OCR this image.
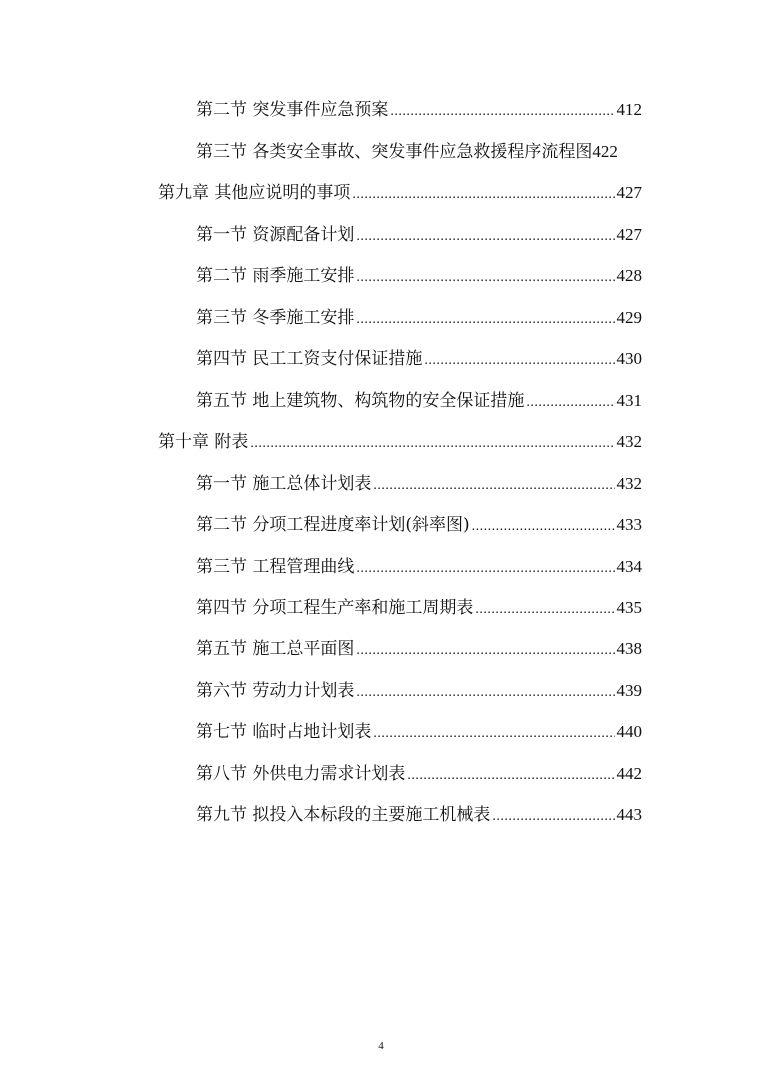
第二节 突发事件应急预案 .....	412
第三节 各类安全事故、突发事件应急救援程序流程图 422
第九章 其他应说明的事项 .....	427
第一节 资源配备计划 .....	427
第二节 雨季施工安排 .....	428
第三节 冬季施工安排 .....	429
第四节 民工工资支付保证措施 .....	430
第五节 地上建筑物、构筑物的安全保证措施 .....	431
第十章 附表 .....	432
第一节 施工总体计划表 .....	432
第二节 分项工程进度率计划(斜率图) .....	433
第三节 工程管理曲线 .....	434
第四节 分项工程生产率和施工周期表 .....	435
第五节 施工总平面图 .....	438
第六节 劳动力计划表 .....	439
第七节 临时占地计划表 .....	440
第八节 外供电力需求计划表 .....	442
第九节 拟投入本标段的主要施工机械表 .....	443
4
